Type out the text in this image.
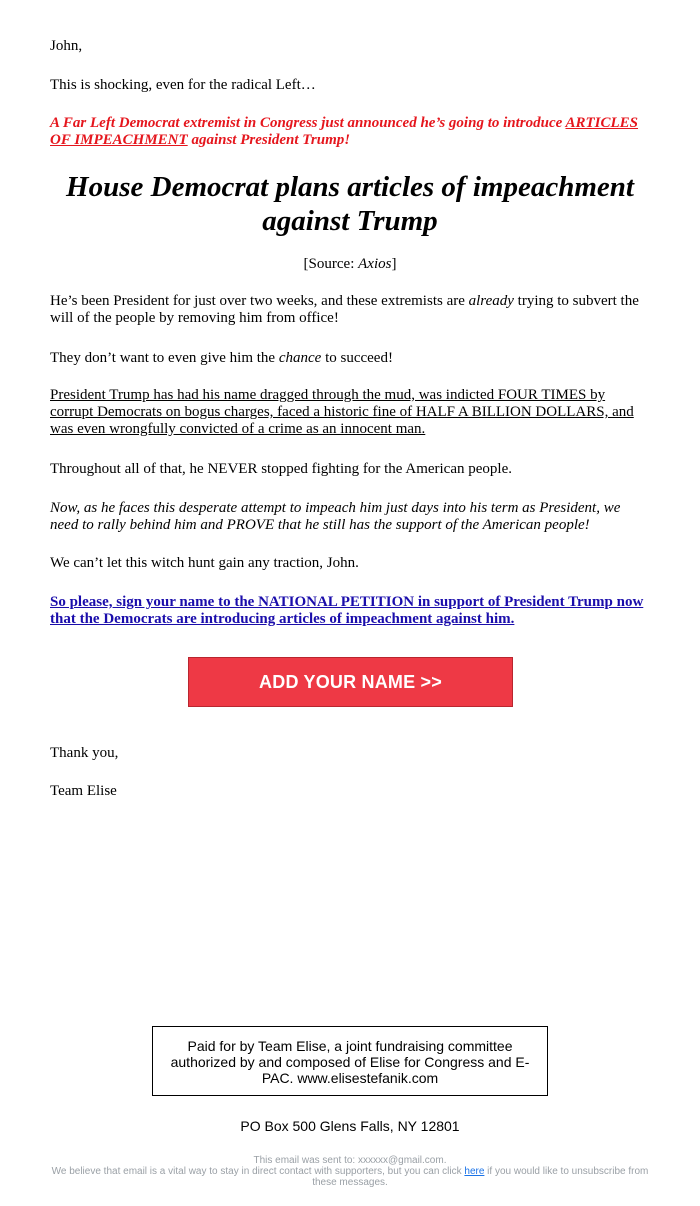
John,

This is shocking, even for the radical Left…

A Far Left Democrat extremist in Congress just announced he’s going to introduce ARTICLES OF IMPEACHMENT against President Trump!

House Democrat plans articles of impeachment against Trump

[Source: Axios]

He’s been President for just over two weeks, and these extremists are already trying to subvert the will of the people by removing him from office!

They don’t want to even give him the chance to succeed!

President Trump has had his name dragged through the mud, was indicted FOUR TIMES by corrupt Democrats on bogus charges, faced a historic fine of HALF A BILLION DOLLARS, and was even wrongfully convicted of a crime as an innocent man.

Throughout all of that, he NEVER stopped fighting for the American people.

Now, as he faces this desperate attempt to impeach him just days into his term as President, we need to rally behind him and PROVE that he still has the support of the American people!

We can’t let this witch hunt gain any traction, John.

So please, sign your name to the NATIONAL PETITION in support of President Trump now that the Democrats are introducing articles of impeachment against him.

ADD YOUR NAME >>

Thank you,

Team Elise

Paid for by Team Elise, a joint fundraising committee authorized by and composed of Elise for Congress and E-PAC. www.elisestefanik.com
PO Box 500 Glens Falls, NY 12801
This email was sent to: xxxxxx@gmail.com.
We believe that email is a vital way to stay in direct contact with supporters, but you can click here if you would like to unsubscribe from these messages.
